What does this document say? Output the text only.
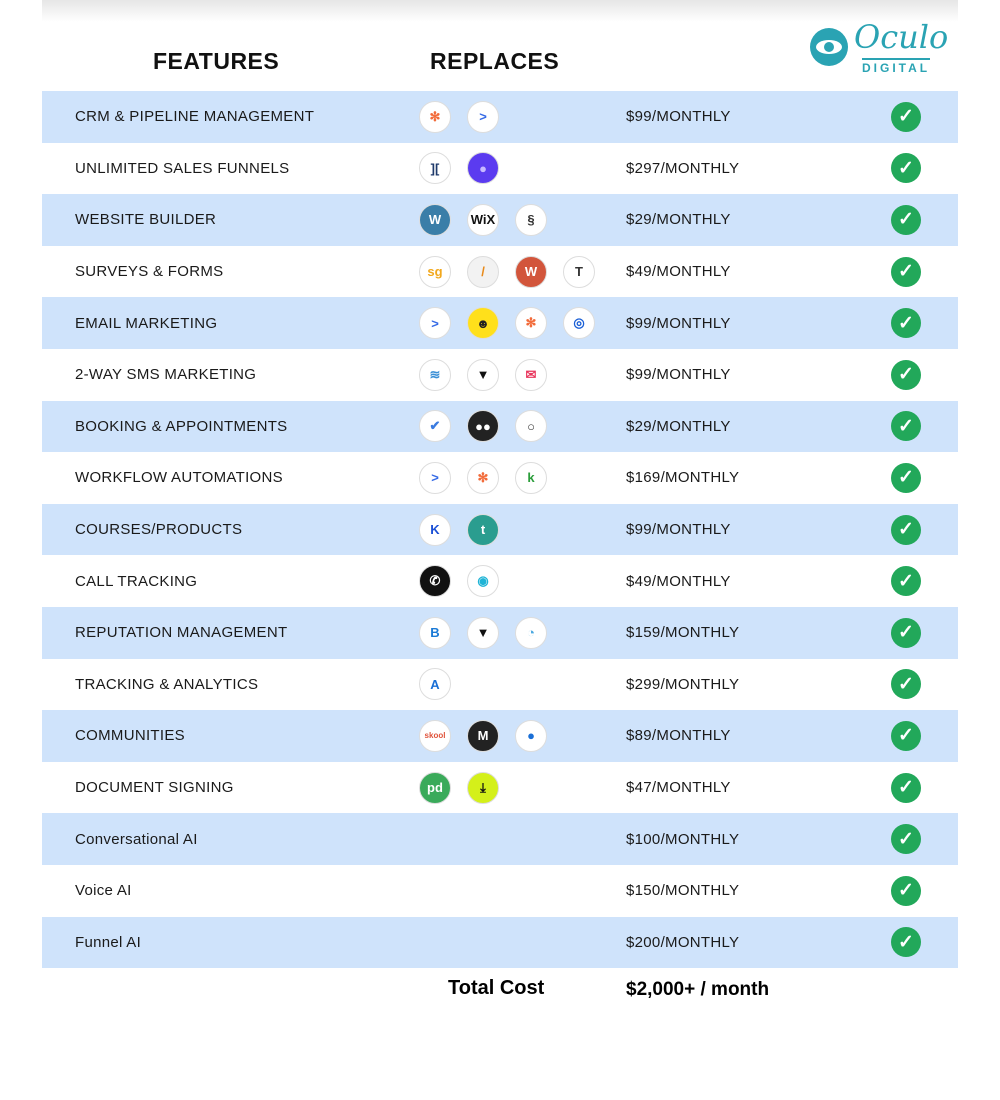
FEATURES	REPLACES
Oculo
DIGITAL
CRM & PIPELINE MANAGEMENT	✻	>	$99/MONTHLY	✓
UNLIMITED SALES FUNNELS	][	●	$297/MONTHLY	✓
WEBSITE BUILDER	W	WiX	§	$29/MONTHLY	✓
SURVEYS & FORMS	sg	/	W	T	$49/MONTHLY	✓
EMAIL MARKETING	>	☻	✻	◎	$99/MONTHLY	✓
2-WAY SMS MARKETING	≋	▼	✉	$99/MONTHLY	✓
BOOKING & APPOINTMENTS	✔	●●	○	$29/MONTHLY	✓
WORKFLOW AUTOMATIONS	>	✻	k	$169/MONTHLY	✓
COURSES/PRODUCTS	K	t	$99/MONTHLY	✓
CALL TRACKING	✆	◉	$49/MONTHLY	✓
REPUTATION MANAGEMENT	B	▼	◔	$159/MONTHLY	✓
TRACKING & ANALYTICS	A	$299/MONTHLY	✓
COMMUNITIES	skool	M	●	$89/MONTHLY	✓
DOCUMENT SIGNING	pd	⤓	$47/MONTHLY	✓
Conversational AI	$100/MONTHLY	✓
Voice AI	$150/MONTHLY	✓
Funnel AI	$200/MONTHLY	✓
Total Cost	$2,000+ / month
